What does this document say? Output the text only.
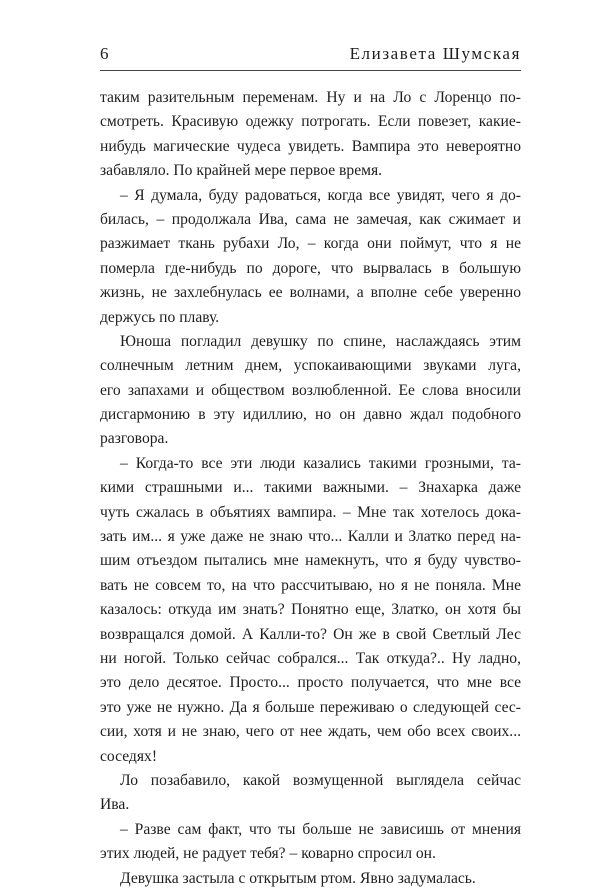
6	Елизавета Шумская
таким разительным переменам. Ну и на Ло с Лоренцо по-
смотреть. Красивую одежку потрогать. Если повезет, какие-
нибудь магические чудеса увидеть. Вампира это невероятно
забавляло. По крайней мере первое время.
– Я думала, буду радоваться, когда все увидят, чего я до-
билась, – продолжала Ива, сама не замечая, как сжимает и
разжимает ткань рубахи Ло, – когда они поймут, что я не
померла где-нибудь по дороге, что вырвалась в большую
жизнь, не захлебнулась ее волнами, а вполне себе уверенно
держусь по плаву.
Юноша погладил девушку по спине, наслаждаясь этим
солнечным летним днем, успокаивающими звуками луга,
его запахами и обществом возлюбленной. Ее слова вносили
дисгармонию в эту идиллию, но он давно ждал подобного
разговора.
– Когда-то все эти люди казались такими грозными, та-
кими страшными и... такими важными. – Знахарка даже
чуть сжалась в объятиях вампира. – Мне так хотелось дока-
зать им... я уже даже не знаю что... Калли и Златко перед на-
шим отъездом пытались мне намекнуть, что я буду чувство-
вать не совсем то, на что рассчитываю, но я не поняла. Мне
казалось: откуда им знать? Понятно еще, Златко, он хотя бы
возвращался домой. А Калли-то? Он же в свой Светлый Лес
ни ногой. Только сейчас собрался... Так откуда?.. Ну ладно,
это дело десятое. Просто... просто получается, что мне все
это уже не нужно. Да я больше переживаю о следующей сес-
сии, хотя и не знаю, чего от нее ждать, чем обо всех своих...
соседях!
Ло позабавило, какой возмущенной выглядела сейчас
Ива.
– Разве сам факт, что ты больше не зависишь от мнения
этих людей, не радует тебя? – коварно спросил он.
Девушка застыла с открытым ртом. Явно задумалась.
